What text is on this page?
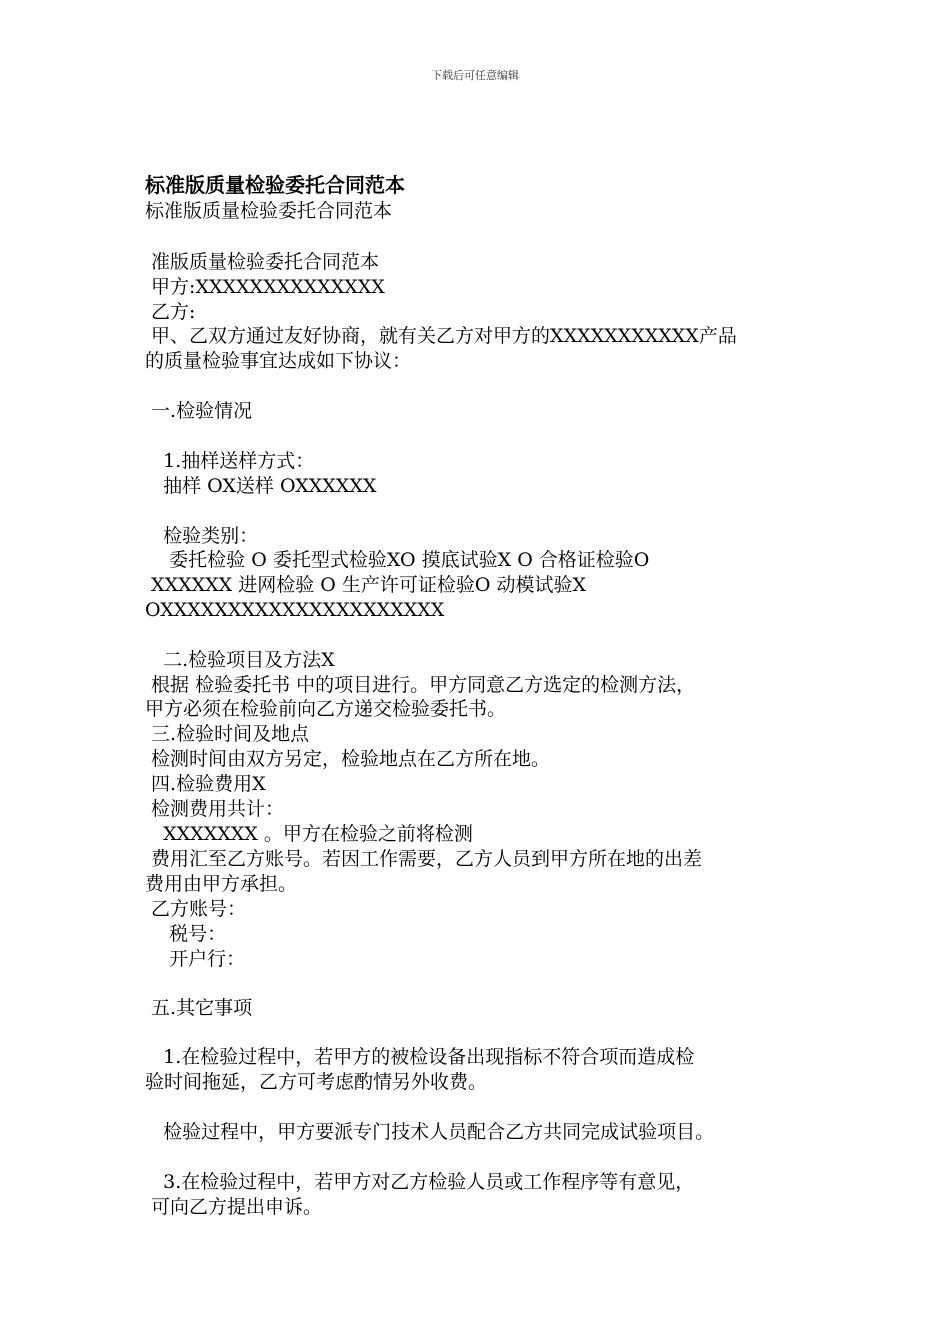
下载后可任意编辑
标准版质量检验委托合同范本
标准版质量检验委托合同范本
准版质量检验委托合同范本
甲方:XXXXXXXXXXXXXX
乙方:
甲、乙双方通过友好协商，就有关乙方对甲方的XXXXXXXXXXX产品
的质量检验事宜达成如下协议：
一.检验情况
1.抽样送样方式：
抽样 OX送样 OXXXXXX
检验类别：
委托检验 O 委托型式检验XO 摸底试验X O 合格证检验O
XXXXXX 进网检验 O 生产许可证检验O 动模试验X
OXXXXXXXXXXXXXXXXXXXXX
二.检验项目及方法X
根据 检验委托书 中的项目进行。甲方同意乙方选定的检测方法，
甲方必须在检验前向乙方递交检验委托书。
三.检验时间及地点
检测时间由双方另定，检验地点在乙方所在地。
四.检验费用X
检测费用共计：
XXXXXXX 。甲方在检验之前将检测
费用汇至乙方账号。若因工作需要，乙方人员到甲方所在地的出差
费用由甲方承担。
乙方账号：
税号：
开户行：
五.其它事项
1.在检验过程中，若甲方的被检设备出现指标不符合项而造成检
验时间拖延，乙方可考虑酌情另外收费。
检验过程中，甲方要派专门技术人员配合乙方共同完成试验项目。
3.在检验过程中，若甲方对乙方检验人员或工作程序等有意见，
可向乙方提出申诉。
